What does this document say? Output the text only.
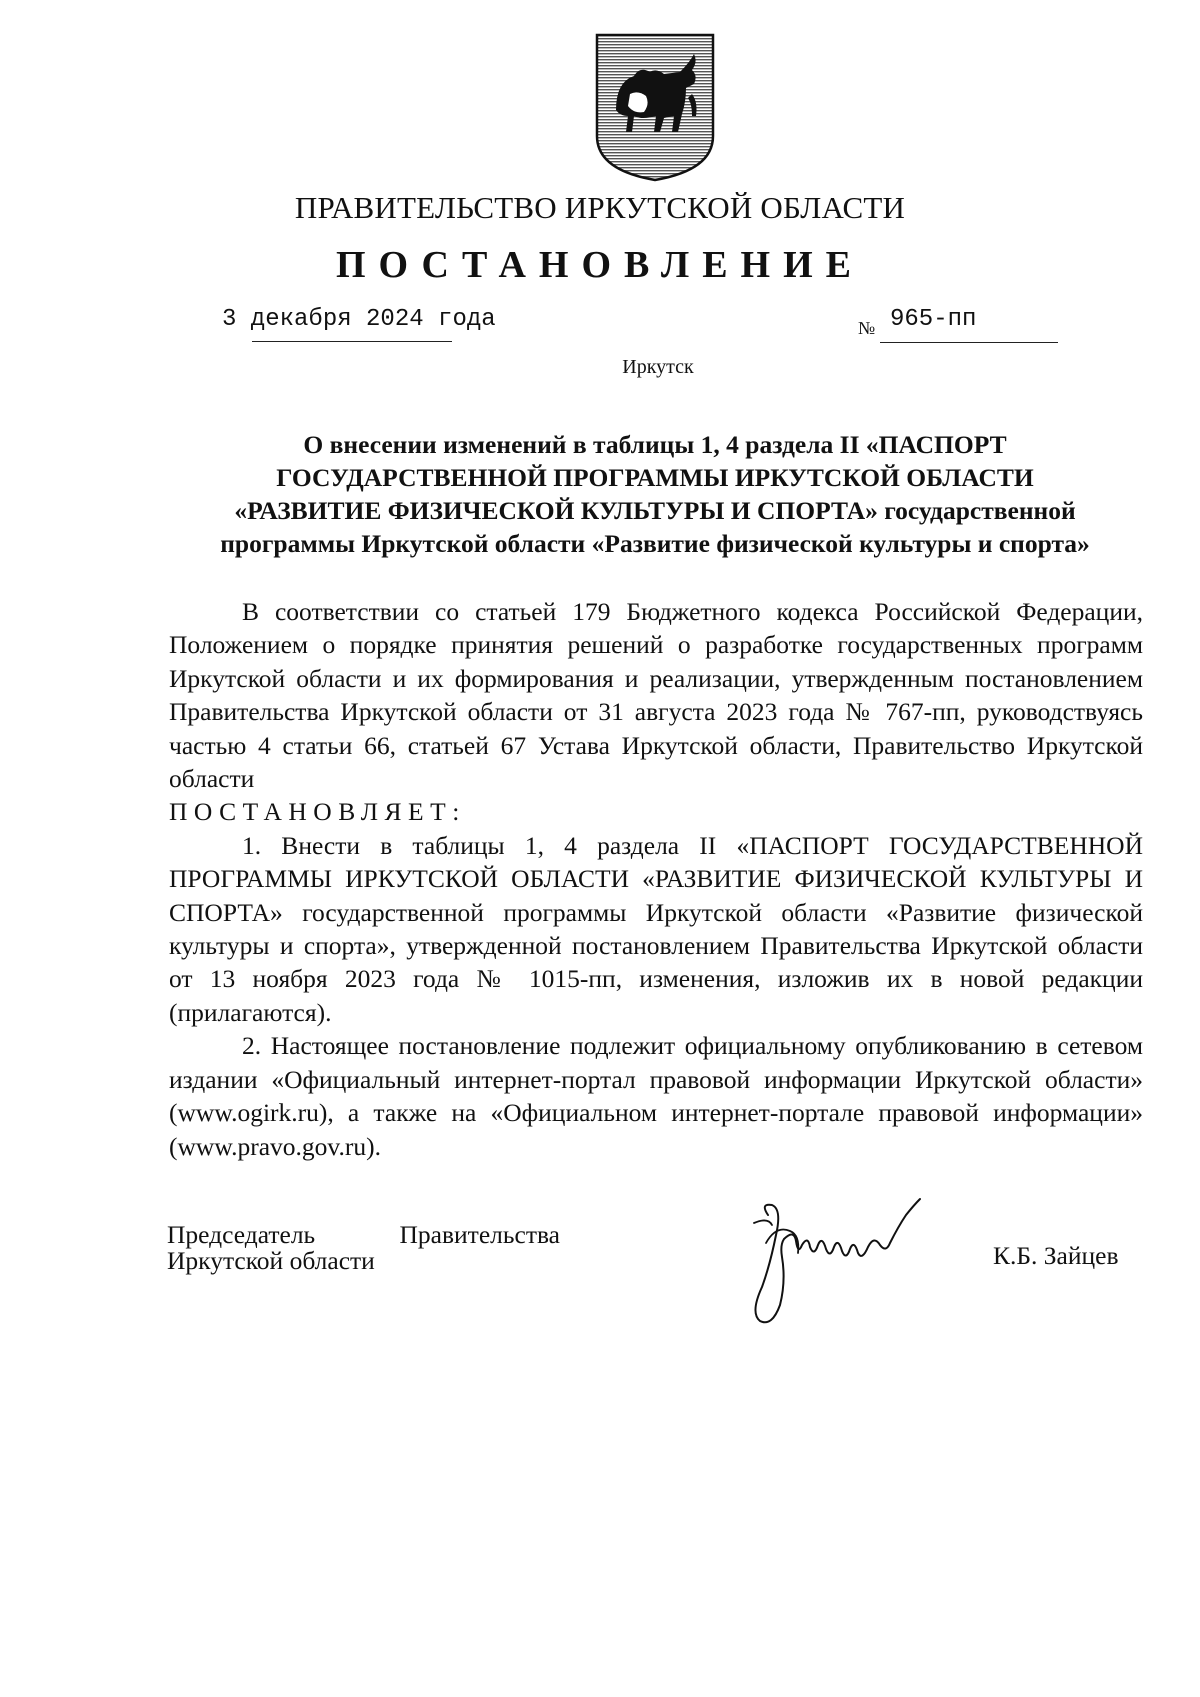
ПРАВИТЕЛЬСТВО ИРКУТСКОЙ ОБЛАСТИ
ПОСТАНОВЛЕНИЕ
3 декабря 2024 года	№ 965-пп
Иркутск
О внесении изменений в таблицы 1, 4 раздела II «ПАСПОРТ
ГОСУДАРСТВЕННОЙ ПРОГРАММЫ ИРКУТСКОЙ ОБЛАСТИ
«РАЗВИТИЕ ФИЗИЧЕСКОЙ КУЛЬТУРЫ И СПОРТА» государственной
программы Иркутской области «Развитие физической культуры и спорта»

В соответствии со статьей 179 Бюджетного кодекса Российской Федерации, Положением о порядке принятия решений о разработке государственных программ Иркутской области и их формирования и реализации, утвержденным постановлением Правительства Иркутской области от 31 августа 2023 года № 767-пп, руководствуясь частью 4 статьи 66, статьей 67 Устава Иркутской области, Правительство Иркутской области

ПОСТАНОВЛЯЕТ:

1. Внести в таблицы 1, 4 раздела II «ПАСПОРТ ГОСУДАРСТВЕННОЙ ПРОГРАММЫ ИРКУТСКОЙ ОБЛАСТИ «РАЗВИТИЕ ФИЗИЧЕСКОЙ КУЛЬТУРЫ И СПОРТА» государственной программы Иркутской области «Развитие физической культуры и спорта», утвержденной постановлением Правительства Иркутской области от 13 ноября 2023 года № 1015-пп, изменения, изложив их в новой редакции (прилагаются).

2. Настоящее постановление подлежит официальному опубликованию в сетевом издании «Официальный интернет-портал правовой информации Иркутской области» (www.ogirk.ru), а также на «Официальном интернет-портале правовой информации» (www.pravo.gov.ru).

Председатель	Правительства
Иркутской области	К.Б. Зайцев
